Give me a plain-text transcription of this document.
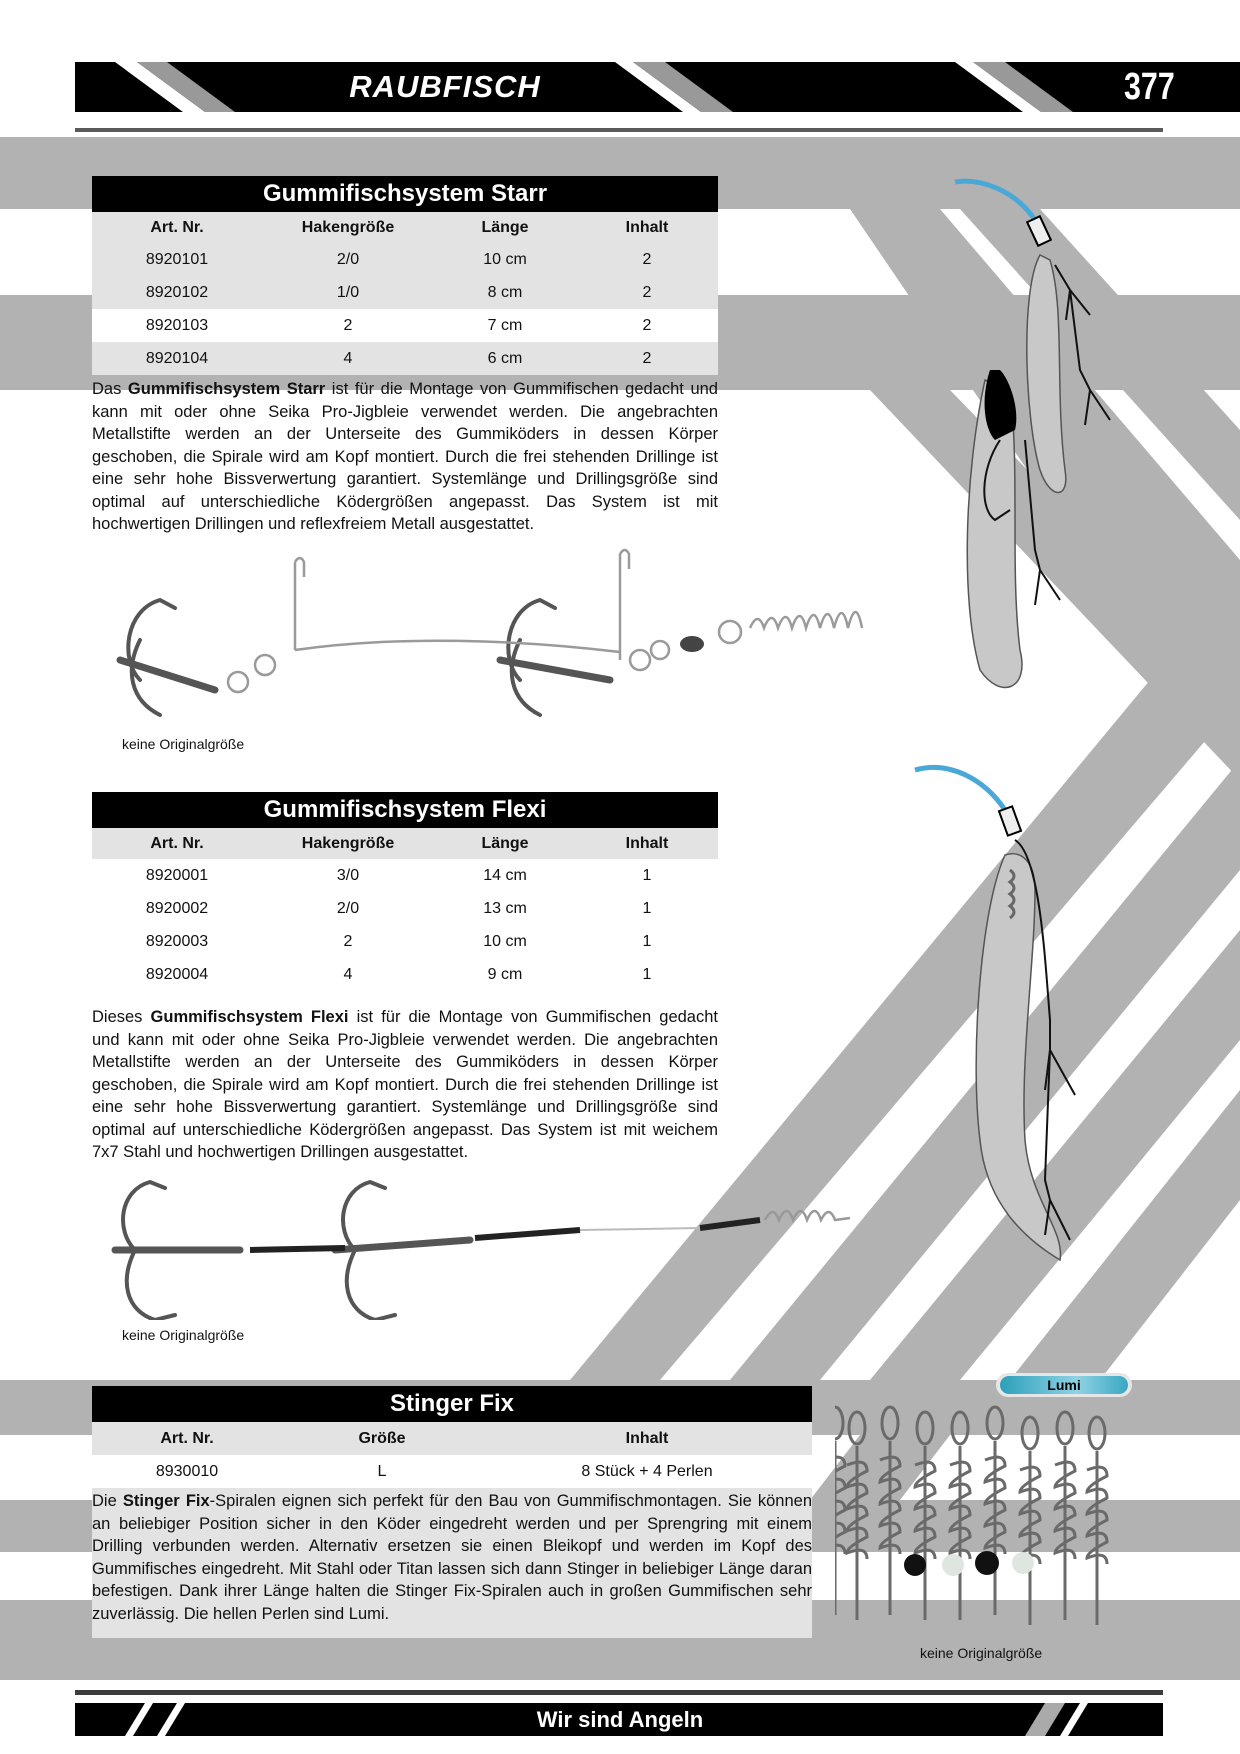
RAUBFISCH	377
Gummifischsystem Starr
Art. Nr.	Hakengröße	Länge	Inhalt
8920101	2/0	10 cm	2
8920102	1/0	8 cm	2
8920103	2	7 cm	2
8920104	4	6 cm	2
Das Gummifischsystem Starr ist für die Montage von Gummifischen gedacht und kann mit oder ohne Seika Pro-Jigbleie verwendet werden. Die angebrachten Metallstifte werden an der Unterseite des Gummiköders in dessen Körper geschoben, die Spirale wird am Kopf montiert. Durch die frei stehenden Drillinge ist eine sehr hohe Bissverwertung garantiert. Systemlänge und Drillingsgröße sind optimal auf unterschiedliche Ködergrößen angepasst. Das System ist mit hochwertigen Drillingen und reflexfreiem Metall ausgestattet.
keine Originalgröße
Gummifischsystem Flexi
Art. Nr.	Hakengröße	Länge	Inhalt
8920001	3/0	14 cm	1
8920002	2/0	13 cm	1
8920003	2	10 cm	1
8920004	4	9 cm	1
Dieses Gummifischsystem Flexi ist für die Montage von Gummifischen gedacht und kann mit oder ohne Seika Pro-Jigbleie verwendet werden. Die angebrachten Metallstifte werden an der Unterseite des Gummiköders in dessen Körper geschoben, die Spirale wird am Kopf montiert. Durch die frei stehenden Drillinge ist eine sehr hohe Bissverwertung garantiert. Systemlänge und Drillingsgröße sind optimal auf unterschiedliche Ködergrößen angepasst. Das System ist mit weichem 7x7 Stahl und hochwertigen Drillingen ausgestattet.
keine Originalgröße
Stinger Fix
Art. Nr.	Größe	Inhalt
8930010	L	8 Stück + 4 Perlen
Die Stinger Fix-Spiralen eignen sich perfekt für den Bau von Gummifischmontagen. Sie können an beliebiger Position sicher in den Köder eingedreht werden und per Sprengring mit einem Drilling verbunden werden. Alternativ ersetzen sie einen Bleikopf und werden im Kopf des Gummifisches eingedreht. Mit Stahl oder Titan lassen sich dann Stinger in beliebiger Länge daran befestigen. Dank ihrer Länge halten die Stinger Fix-Spiralen auch in großen Gummifischen sehr zuverlässig. Die hellen Perlen sind Lumi.
Lumi
keine Originalgröße
Wir sind Angeln
